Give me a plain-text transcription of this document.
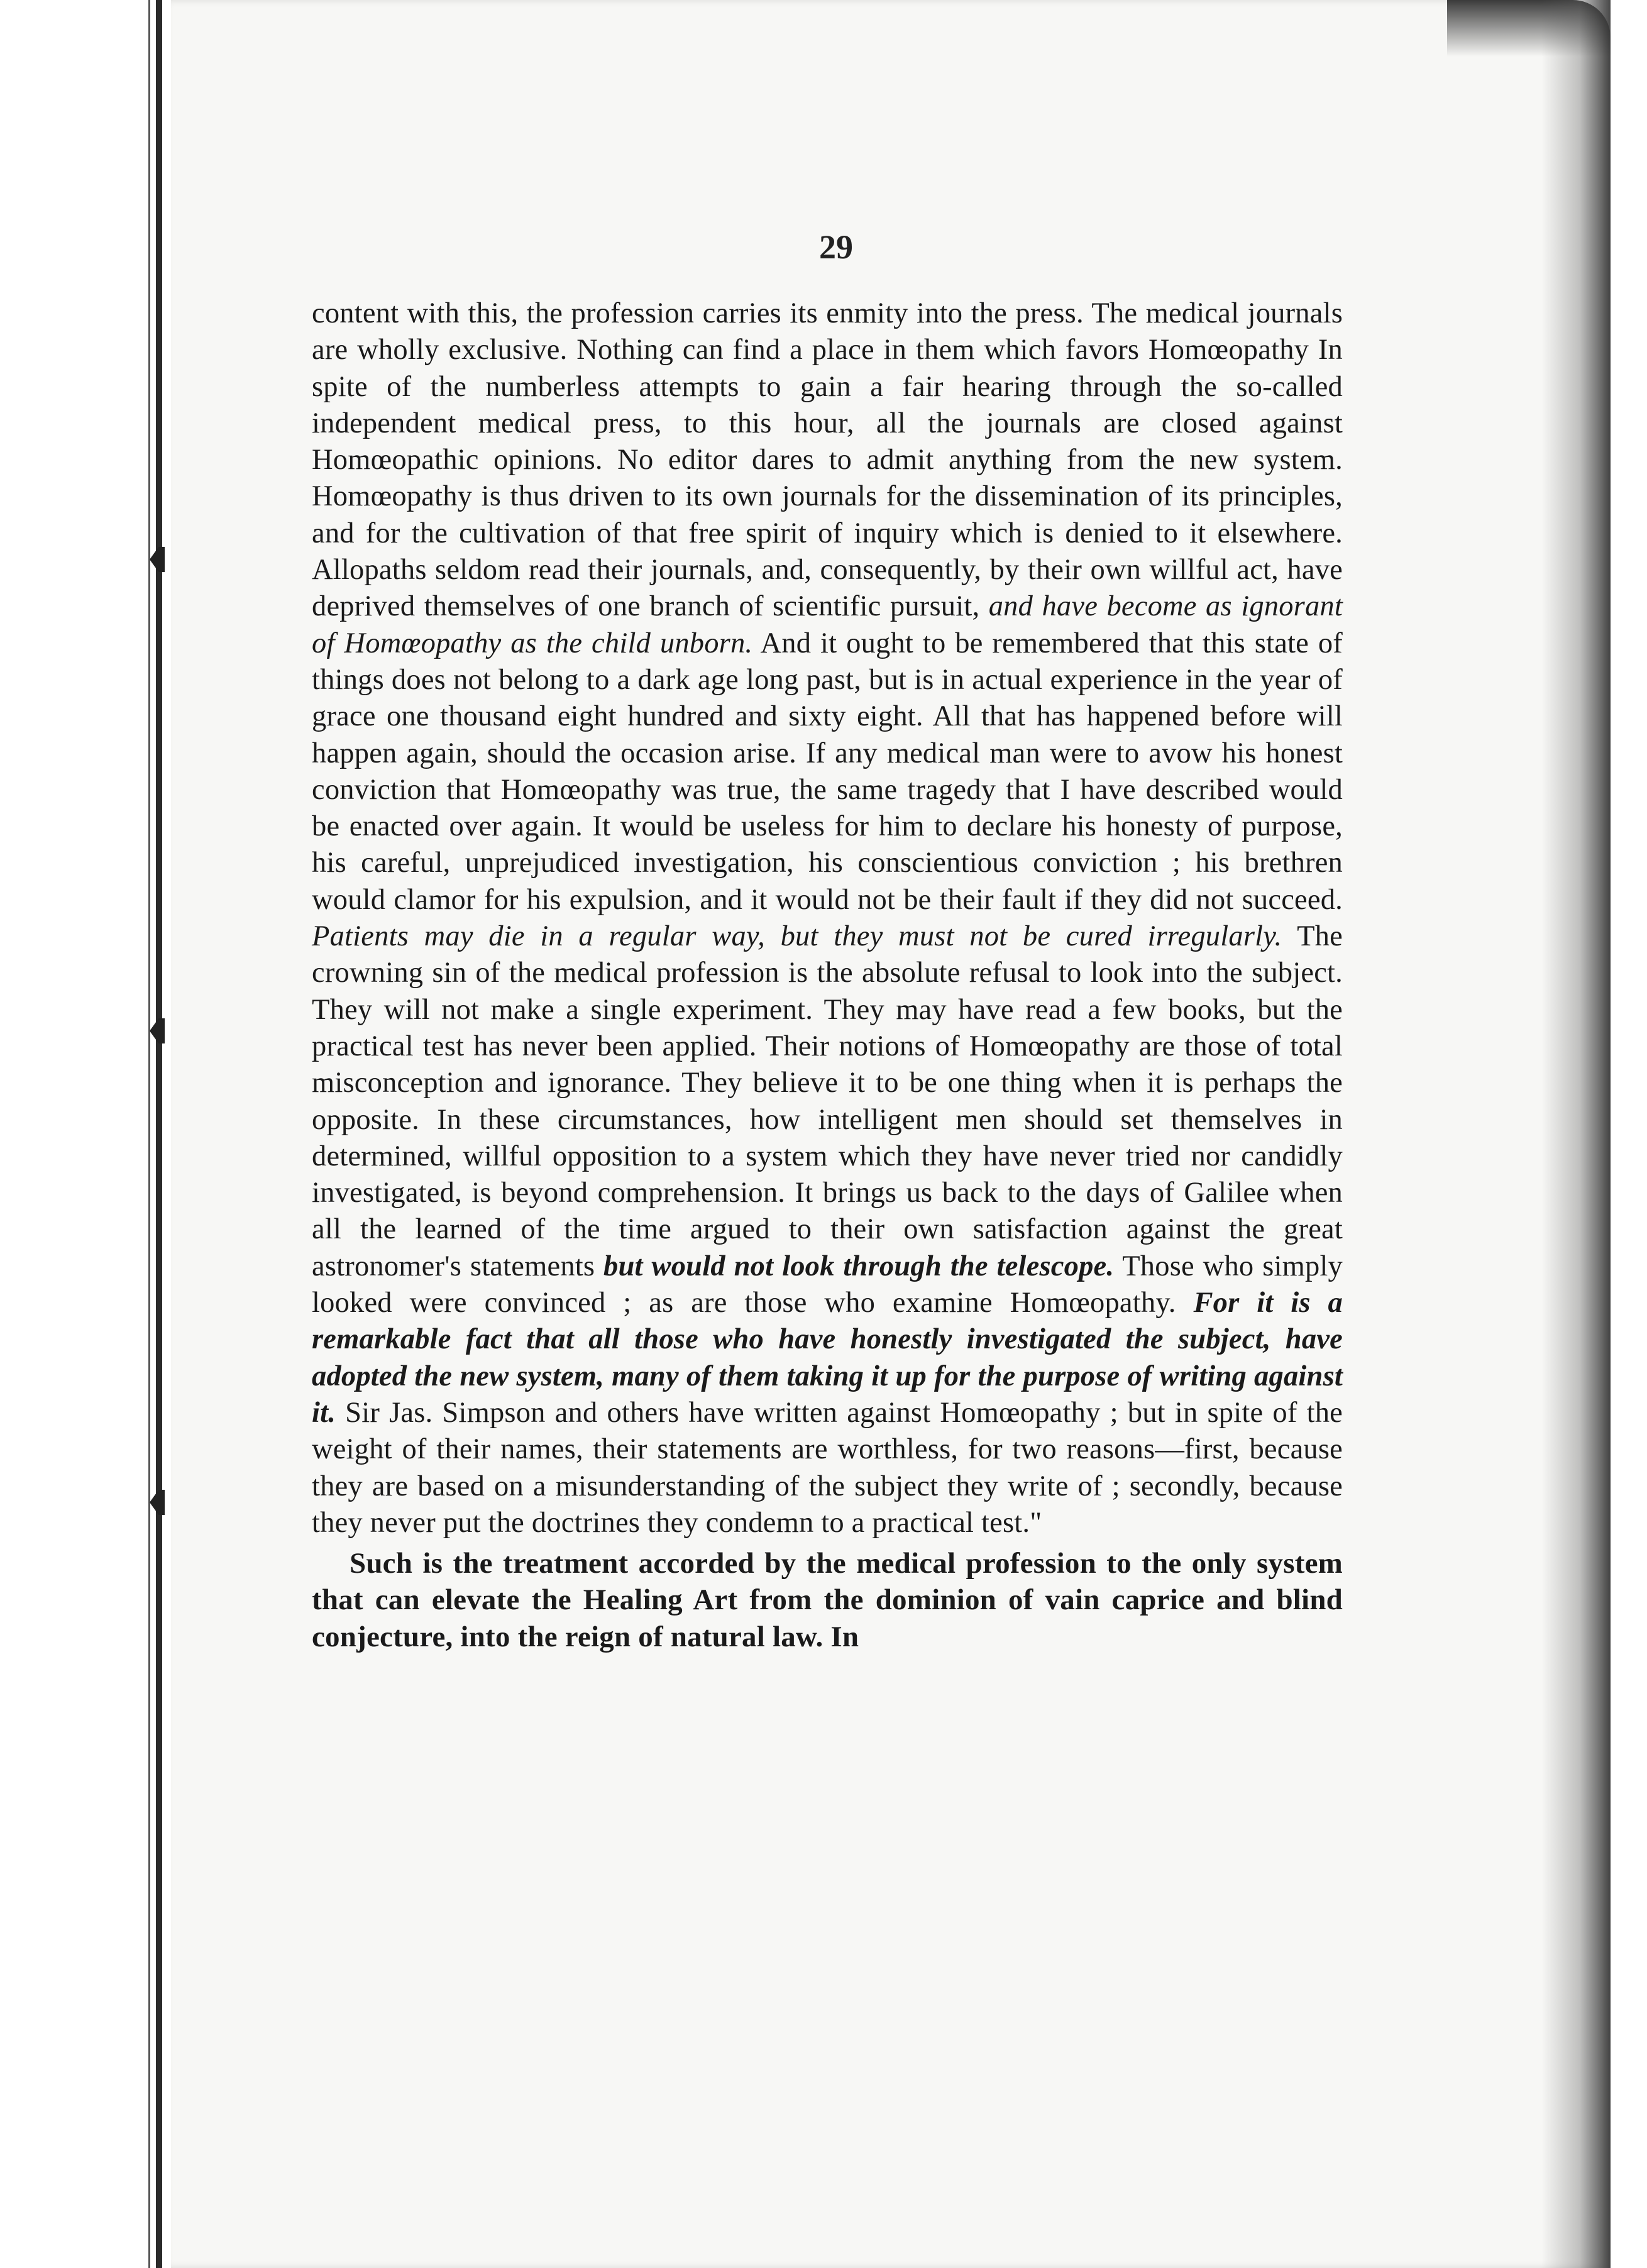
29

content with this, the profession carries its enmity into the press. The medical journals are wholly exclusive. Nothing can find a place in them which favors Homœopathy In spite of the numberless attempts to gain a fair hearing through the so-called independent medical press, to this hour, all the journals are closed against Homœopathic opinions. No editor dares to admit anything from the new system. Homœopathy is thus driven to its own journals for the dissemination of its principles, and for the cultivation of that free spirit of inquiry which is denied to it elsewhere. Allopaths seldom read their journals, and, consequently, by their own willful act, have deprived themselves of one branch of scientific pursuit, and have become as ignorant of Homœopathy as the child unborn. And it ought to be remembered that this state of things does not belong to a dark age long past, but is in actual experience in the year of grace one thousand eight hundred and sixty eight. All that has happened before will happen again, should the occasion arise. If any medical man were to avow his honest conviction that Homœopathy was true, the same tragedy that I have described would be enacted over again. It would be useless for him to declare his honesty of purpose, his careful, unprejudiced investigation, his conscientious conviction ; his brethren would clamor for his expulsion, and it would not be their fault if they did not succeed. Patients may die in a regular way, but they must not be cured irregularly. The crowning sin of the medical profession is the absolute refusal to look into the subject. They will not make a single experiment. They may have read a few books, but the practical test has never been applied. Their notions of Homœopathy are those of total misconception and ignorance. They believe it to be one thing when it is perhaps the opposite. In these circumstances, how intelligent men should set themselves in determined, willful opposition to a system which they have never tried nor candidly investigated, is beyond comprehension. It brings us back to the days of Galilee when all the learned of the time argued to their own satisfaction against the great astronomer's statements but would not look through the telescope. Those who simply looked were convinced ; as are those who examine Homœopathy. For it is a remarkable fact that all those who have honestly investigated the subject, have adopted the new system, many of them taking it up for the purpose of writing against it. Sir Jas. Simpson and others have written against Homœopathy ; but in spite of the weight of their names, their statements are worthless, for two reasons—first, because they are based on a misunderstanding of the subject they write of ; secondly, because they never put the doctrines they condemn to a practical test."

Such is the treatment accorded by the medical profession to the only system that can elevate the Healing Art from the dominion of vain caprice and blind conjecture, into the reign of natural law. In
